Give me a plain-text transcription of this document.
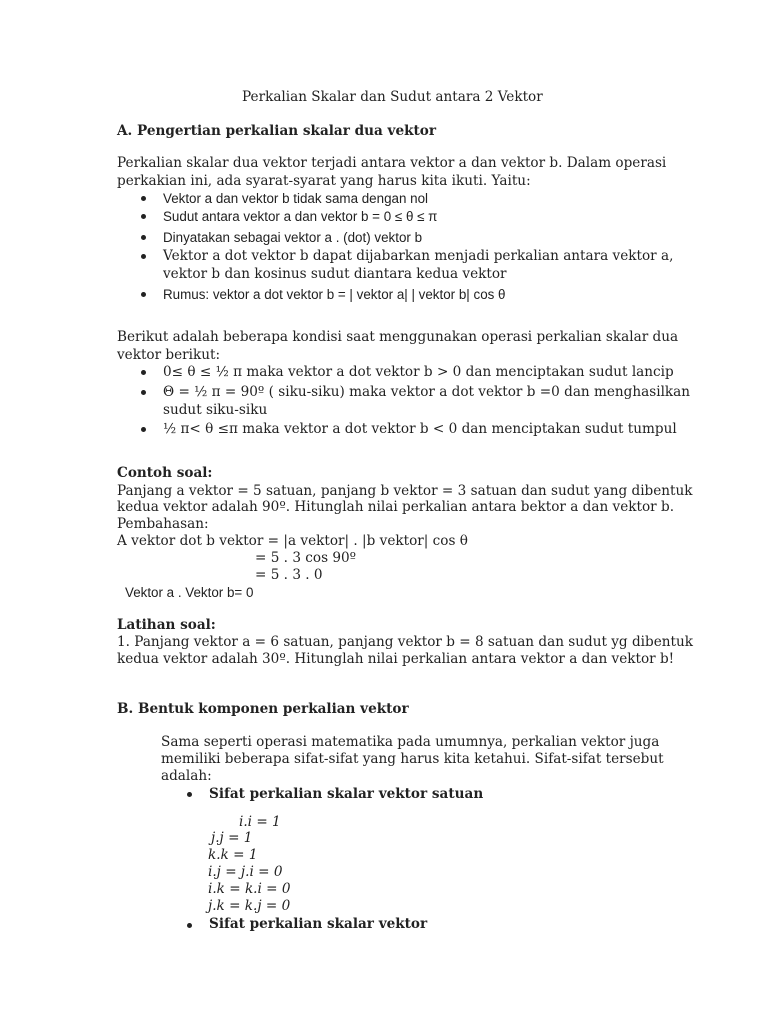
Perkalian Skalar dan Sudut antara 2 Vektor
A. Pengertian perkalian skalar dua vektor
Perkalian skalar dua vektor terjadi antara vektor a dan vektor b. Dalam operasi
perkakian ini, ada syarat-syarat yang harus kita ikuti. Yaitu:
Vektor a dan vektor b tidak sama dengan nol
Sudut antara vektor a dan vektor b = 0 ≤ θ ≤ π
Dinyatakan sebagai vektor a . (dot) vektor b
Vektor a dot vektor b dapat dijabarkan menjadi perkalian antara vektor a,
vektor b dan kosinus sudut diantara kedua vektor
Rumus: vektor a dot vektor b = | vektor a| | vektor b| cos θ
Berikut adalah beberapa kondisi saat menggunakan operasi perkalian skalar dua
vektor berikut:
0≤ θ ≤ ½ π maka vektor a dot vektor b > 0 dan menciptakan sudut lancip
Θ = ½ π = 90º ( siku-siku) maka vektor a dot vektor b =0 dan menghasilkan
sudut siku-siku
½ π< θ ≤π maka vektor a dot vektor b < 0 dan menciptakan sudut tumpul
Contoh soal:
Panjang a vektor = 5 satuan, panjang b vektor = 3 satuan dan sudut yang dibentuk
kedua vektor adalah 90º. Hitunglah nilai perkalian antara bektor a dan vektor b.
Pembahasan:
A vektor dot b vektor = |a vektor| . |b vektor| cos θ
= 5 . 3 cos 90º
= 5 . 3 . 0
Vektor a . Vektor b= 0
Latihan soal:
1. Panjang vektor a = 6 satuan, panjang vektor b = 8 satuan dan sudut yg dibentuk
kedua vektor adalah 30º. Hitunglah nilai perkalian antara vektor a dan vektor b!
B. Bentuk komponen perkalian vektor
Sama seperti operasi matematika pada umumnya, perkalian vektor juga
memiliki beberapa sifat-sifat yang harus kita ketahui. Sifat-sifat tersebut
adalah:
Sifat perkalian skalar vektor satuan
i.i = 1
j.j = 1
k.k = 1
i.j = j.i = 0
i.k = k.i = 0
j.k = k.j = 0
Sifat perkalian skalar vektor
